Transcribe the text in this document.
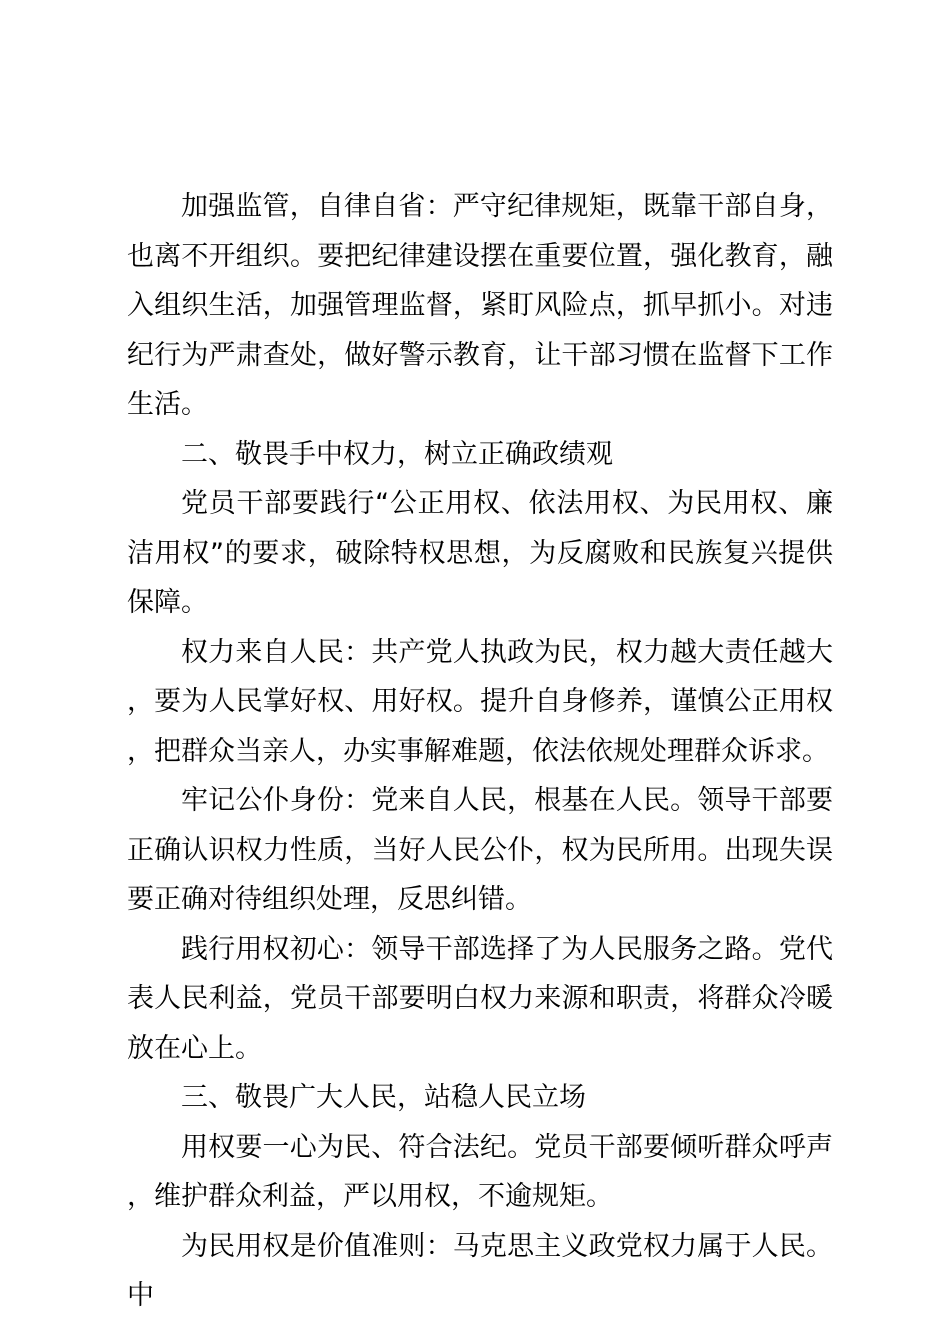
加强监管，自律自省：严守纪律规矩，既靠干部自身，也离不开组织。要把纪律建设摆在重要位置，强化教育，融入组织生活，加强管理监督，紧盯风险点，抓早抓小。对违纪行为严肃查处，做好警示教育，让干部习惯在监督下工作生活。

二、敬畏手中权力，树立正确政绩观

党员干部要践行“公正用权、依法用权、为民用权、廉洁用权”的要求，破除特权思想，为反腐败和民族复兴提供保障。

权力来自人民：共产党人执政为民，权力越大责任越大，要为人民掌好权、用好权。提升自身修养，谨慎公正用权，把群众当亲人，办实事解难题，依法依规处理群众诉求。

牢记公仆身份：党来自人民，根基在人民。领导干部要正确认识权力性质，当好人民公仆，权为民所用。出现失误要正确对待组织处理，反思纠错。

践行用权初心：领导干部选择了为人民服务之路。党代表人民利益，党员干部要明白权力来源和职责，将群众冷暖放在心上。

三、敬畏广大人民，站稳人民立场

用权要一心为民、符合法纪。党员干部要倾听群众呼声，维护群众利益，严以用权，不逾规矩。

为民用权是价值准则：马克思主义政党权力属于人民。中
